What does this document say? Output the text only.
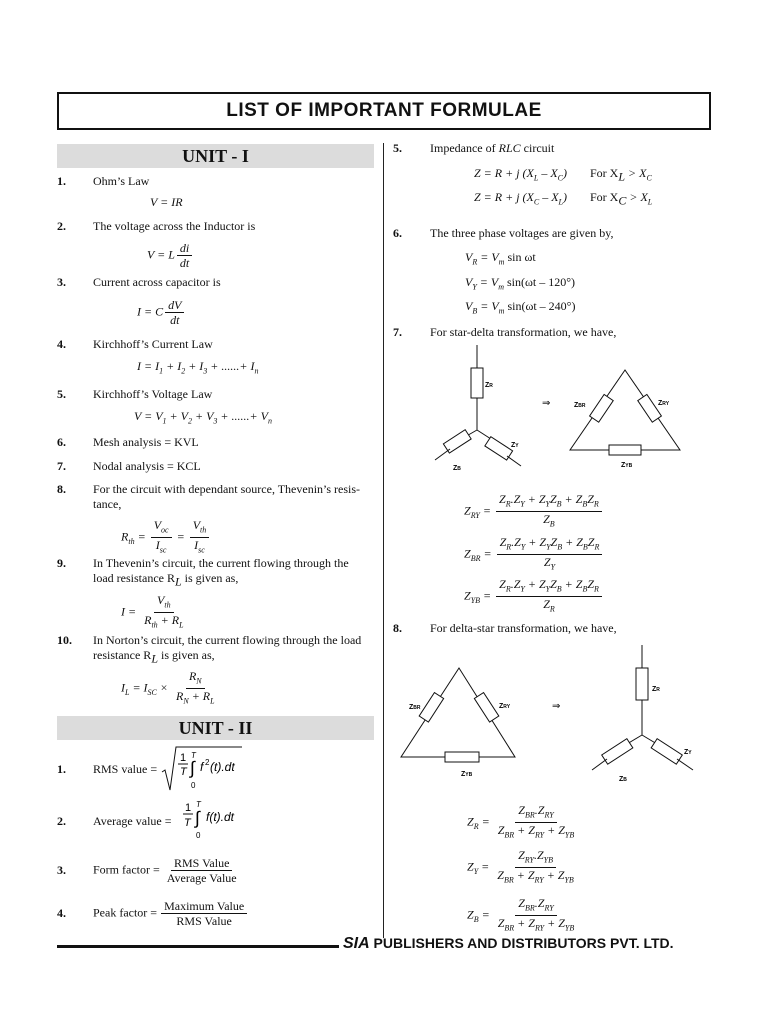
LIST OF IMPORTANT FORMULAE
UNIT - I
1. Ohm’s Law
V = IR
2. The voltage across the Inductor is
V = L $\frac{di}{dt}$
3. Current across capacitor is
I = C $\frac{dV}{dt}$
4. Kirchhoff’s Current Law
$I = I_1 + I_2 + I_3$ + ......+ $I_n$
5. Kirchhoff’s Voltage Law
$V = V_1 + V_2 + V_3$ + ......+ $V_n$
6. Mesh analysis = KVL
7. Nodal analysis = KCL
8. For the circuit with dependant source, Thevenin’s resis-
tance,
$R_{th} = \frac{V_{oc}}{I_{sc}} = \frac{V_{th}}{I_{sc}}$
9. In Thevenin’s circuit, the current flowing through the
load resistance $R_L$ is given as,
$I = \frac{V_{th}}{R_{th} + R_L}$
10. In Norton’s circuit, the current flowing through the load
resistance $R_L$ is given as,
$I_L = I_{SC} \times \frac{R_N}{R_N + R_L}$
UNIT - II
1. RMS value =
1
T
T
∫
0
f 2 (t).dt
2. Average value =
1
T
T
∫
0
f(t).dt
3. Form factor = $\frac{\text{RMS Value}}{\text{Average Value}}$
4. Peak factor = $\frac{\text{Maximum Value}}{\text{RMS Value}}$
5. Impedance of RLC circuit
Z = R + j $(X_L - X_C)$ For $X_L > X_C$
Z = R + j $(X_C - X_L)$ For $X_C > X_L$
6. The three phase voltages are given by,
$V_R = V_m$ sin ωt
$V_Y = V_m$ sin(ωt – 120°)
$V_B = V_m$ sin(ωt – 240°)
7. For star-delta transformation, we have,
ZR
ZB
ZY
⇒	ZBR	ZRY
ZYB
$Z_{RY} = \frac{Z_R.Z_Y + Z_YZ_B + Z_BZ_R}{Z_B}$
$Z_{BR} = \frac{Z_R.Z_Y + Z_YZ_B + Z_BZ_R}{Z_Y}$
$Z_{YB} = \frac{Z_R.Z_Y + Z_YZ_B + Z_BZ_R}{Z_R}$
8. For delta-star transformation, we have,
ZBR	ZRY
ZYB
⇒
ZR
ZB
ZY
$Z_R = \frac{Z_{BR}.Z_{RY}}{Z_{BR} + Z_{RY} + Z_{YB}}$
$Z_Y = \frac{Z_{RY}.Z_{YB}}{Z_{BR} + Z_{RY} + Z_{YB}}$
$Z_B = \frac{Z_{BR}.Z_{RY}}{Z_{BR} + Z_{RY} + Z_{YB}}$
SIA PUBLISHERS AND DISTRIBUTORS PVT. LTD.
